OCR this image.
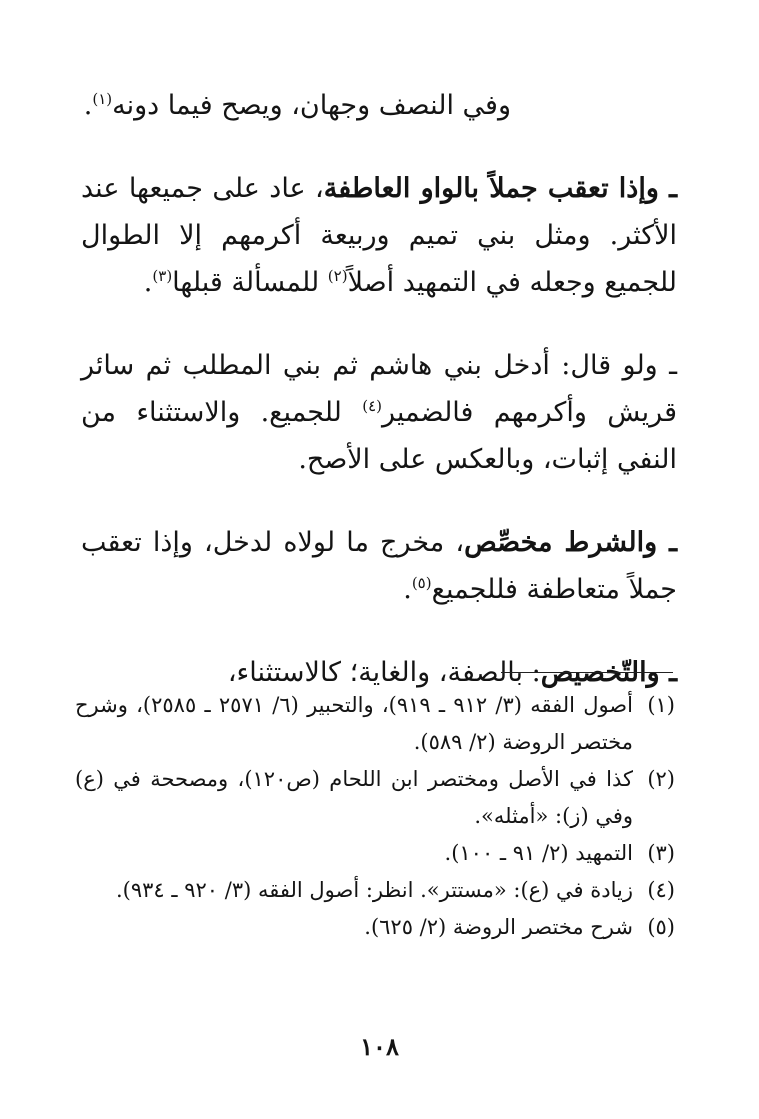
وفي النصف وجهان، ويصح فيما دونه$^{(١)}$.

ـ وإذا تعقب جملاً بالواو العاطفة، عاد على جميعها عند الأكثر. ومثل بني تميم وربيعة أكرمهم إلا الطوال للجميع وجعله في التمهيد أصلاً$^{(٢)}$ للمسألة قبلها$^{(٣)}$.

ـ ولو قال: أدخل بني هاشم ثم بني المطلب ثم سائر قريش وأكرمهم فالضمير$^{(٤)}$ للجميع. والاستثناء من النفي إثبات، وبالعكس على الأصح.

ـ والشرط مخصِّص، مخرج ما لولاه لدخل، وإذا تعقب جملاً متعاطفة فللجميع$^{(٥)}$.

ـ والتّخصيص: بالصفة، والغاية؛ كالاستثناء،

(١)
أصول الفقه (٣/ ٩١٢ ـ ٩١٩)، والتحبير (٦/ ٢٥٧١ ـ ٢٥٨٥)، وشرح مختصر الروضة (٢/ ٥٨٩).
(٢)
كذا في الأصل ومختصر ابن اللحام (ص١٢٠)، ومصححة في (ع) وفي (ز): «أمثله».
(٣)
التمهيد (٢/ ٩١ ـ ١٠٠).
(٤)
زيادة في (ع): «مستتر». انظر: أصول الفقه (٣/ ٩٢٠ ـ ٩٣٤).
(٥)
شرح مختصر الروضة (٢/ ٦٢٥).
١٠٨
